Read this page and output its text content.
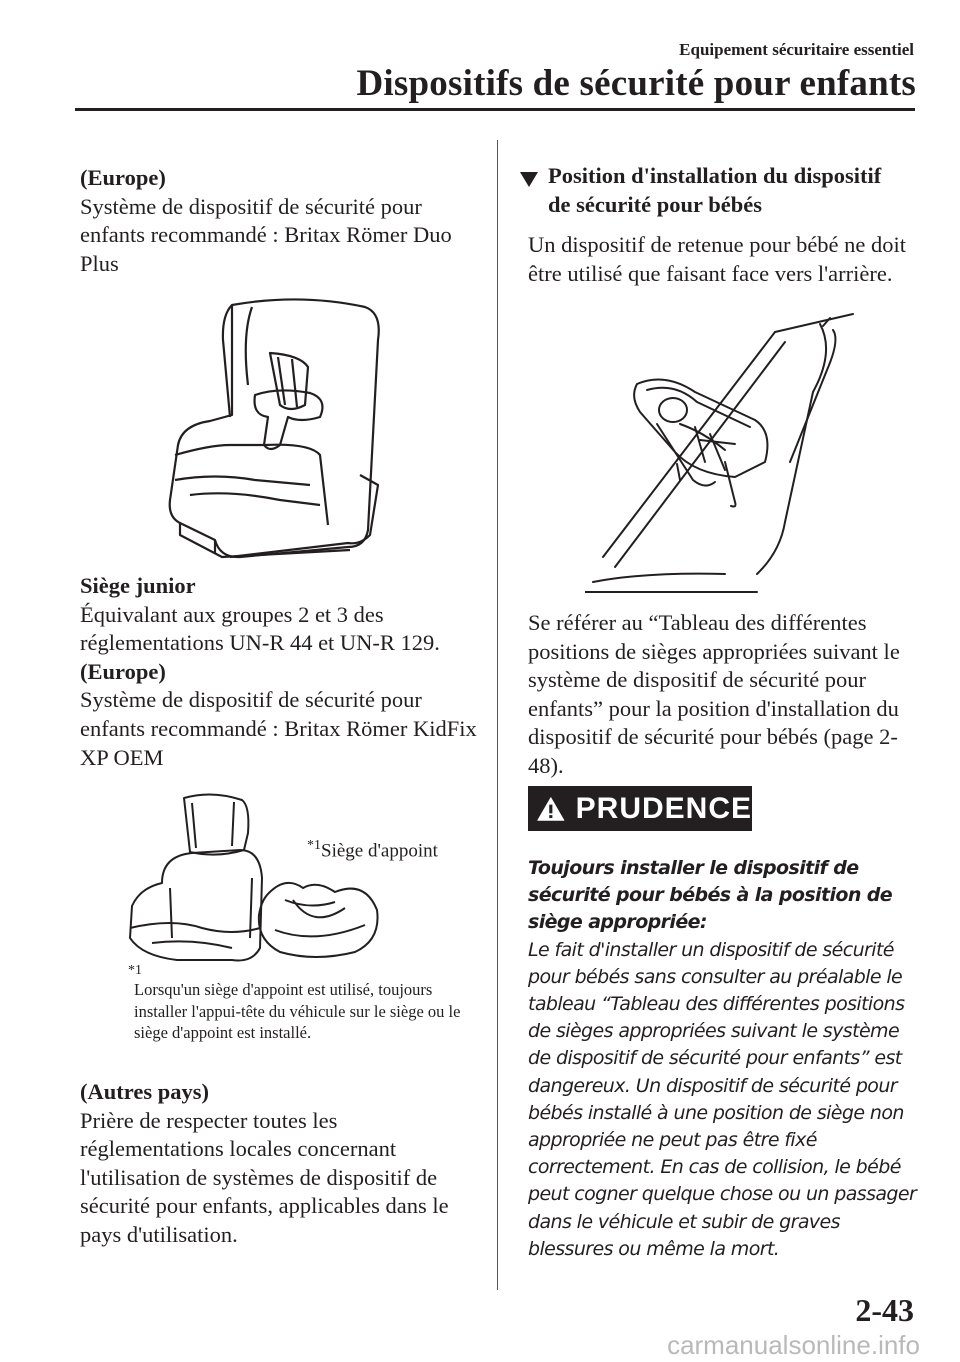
Equipement sécuritaire essentiel
Dispositifs de sécurité pour enfants

(Europe)

Système de dispositif de sécurité pour enfants recommandé : Britax Römer Duo Plus

Siège junior

Équivalant aux groupes 2 et 3 des réglementations UN-R 44 et UN-R 129.

(Europe)

Système de dispositif de sécurité pour enfants recommandé : Britax Römer KidFix XP OEM

$^{*1}$Siège d'appoint
*1
Lorsqu'un siège d'appoint est utilisé, toujours installer l'appui-tête du véhicule sur le siège ou le siège d'appoint est installé.

(Autres pays)

Prière de respecter toutes les réglementations locales concernant l'utilisation de systèmes de dispositif de sécurité pour enfants, applicables dans le pays d'utilisation.

Position d'installation du dispositif de sécurité pour bébés

Un dispositif de retenue pour bébé ne doit être utilisé que faisant face vers l'arrière.

Se référer au “Tableau des différentes positions de sièges appropriées suivant le système de dispositif de sécurité pour enfants” pour la position d'installation du dispositif de sécurité pour bébés (page 2-48).

PRUDENCE

Toujours installer le dispositif de sécurité pour bébés à la position de siège appropriée:

Le fait d'installer un dispositif de sécurité pour bébés sans consulter au préalable le tableau “Tableau des différentes positions de sièges appropriées suivant le système de dispositif de sécurité pour enfants” est dangereux. Un dispositif de sécurité pour bébés installé à une position de siège non appropriée ne peut pas être fixé correctement. En cas de collision, le bébé peut cogner quelque chose ou un passager dans le véhicule et subir de graves blessures ou même la mort.

2-43
carmanualsonline.info
